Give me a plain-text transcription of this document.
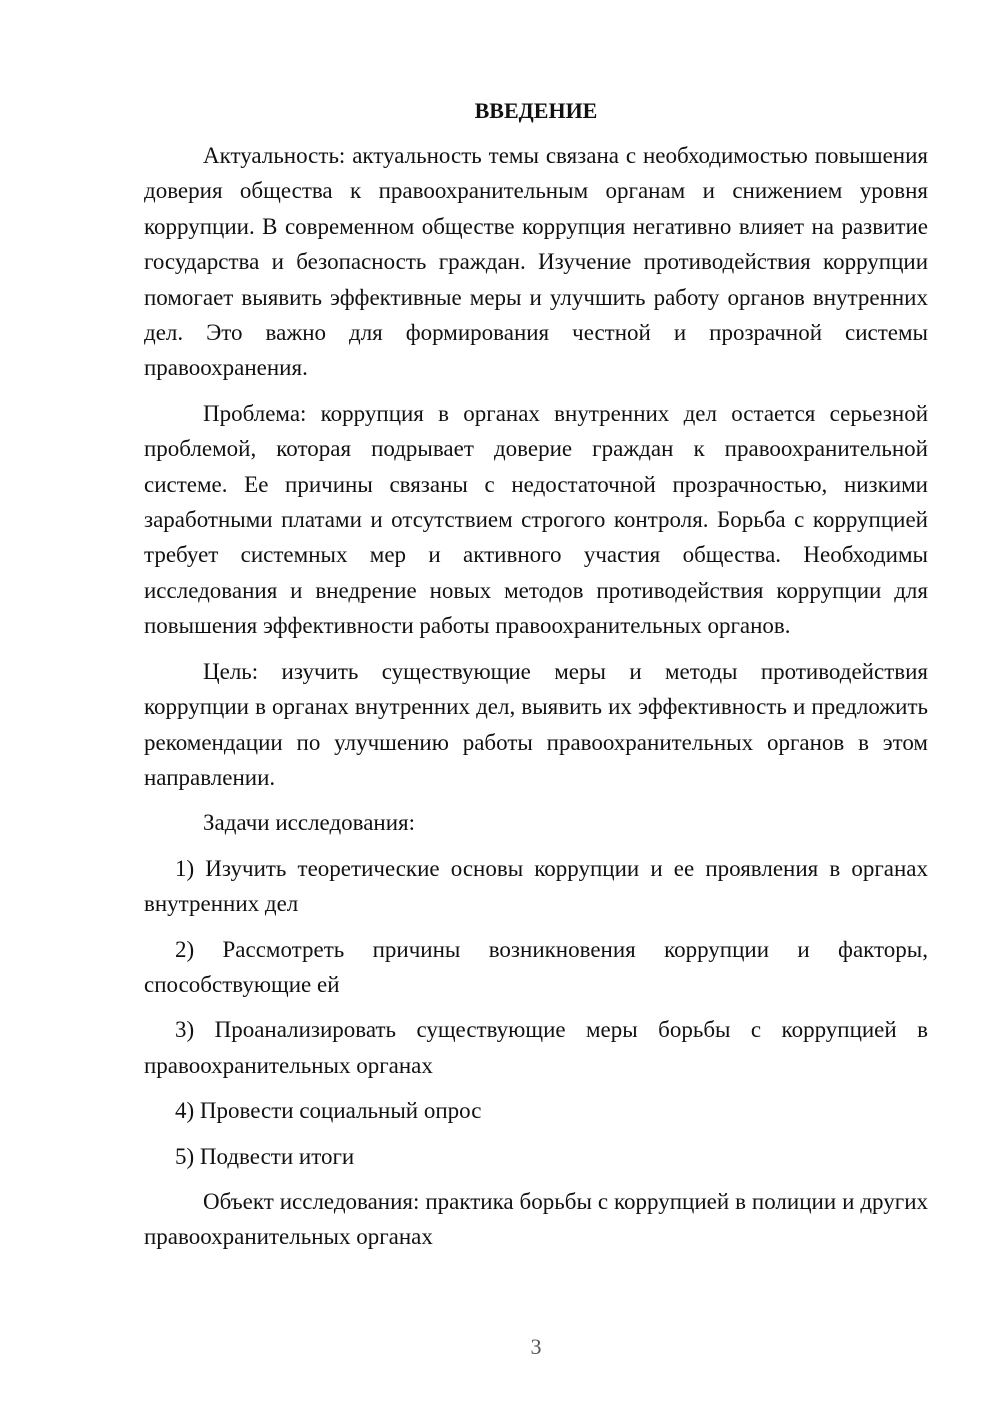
ВВЕДЕНИЕ

Актуальность: актуальность темы связана с необходимостью повышения доверия общества к правоохранительным органам и снижением уровня коррупции. В современном обществе коррупция негативно влияет на развитие государства и безопасность граждан. Изучение противодействия коррупции помогает выявить эффективные меры и улучшить работу органов внутренних дел. Это важно для формирования честной и прозрачной системы правоохранения.

Проблема: коррупция в органах внутренних дел остается серьезной проблемой, которая подрывает доверие граждан к правоохранительной системе. Ее причины связаны с недостаточной прозрачностью, низкими заработными платами и отсутствием строгого контроля. Борьба с коррупцией требует системных мер и активного участия общества. Необходимы исследования и внедрение новых методов противодействия коррупции для повышения эффективности работы правоохранительных органов.

Цель: изучить существующие меры и методы противодействия коррупции в органах внутренних дел, выявить их эффективность и предложить рекомендации по улучшению работы правоохранительных органов в этом направлении.

Задачи исследования:

1) Изучить теоретические основы коррупции и ее проявления в органах внутренних дел

2) Рассмотреть причины возникновения коррупции и факторы, способствующие ей

3) Проанализировать существующие меры борьбы с коррупцией в правоохранительных органах

4) Провести социальный опрос

5) Подвести итоги

Объект исследования: практика борьбы с коррупцией в полиции и других правоохранительных органах

3
